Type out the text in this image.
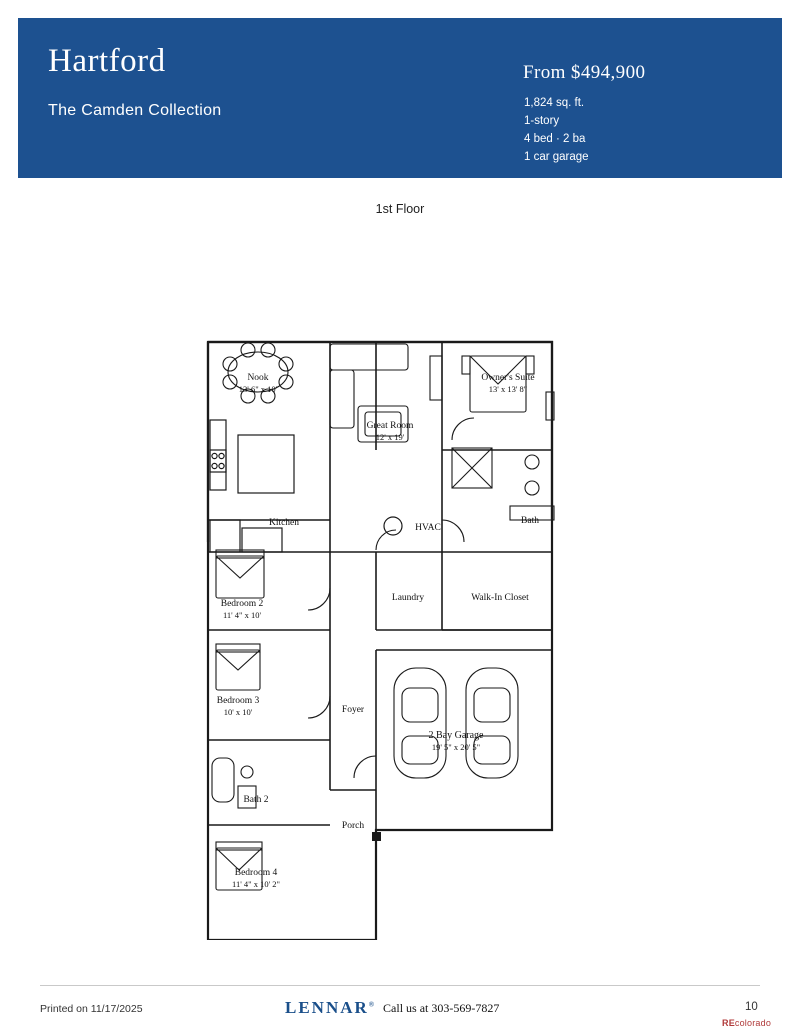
Hartford
The Camden Collection
From $494,900
1,824 sq. ft.
1-story
4 bed · 2 ba
1 car garage
1st Floor
Nook
13' 6" x 10'
Great Room
12' x 19'
Owner's Suite
13' x 13' 8"
Kitchen	HVAC
Bath
Bedroom 2
11' 4" x 10'
Laundry	Walk-In Closet
Bedroom 3
10' x 10'	Foyer
2 Bay Garage
19' 5" x 20' 5"
Bath 2
Porch
Bedroom 4
11' 4" x 10' 2"
Printed on 11/17/2025	LENNAR® Call us at 303-569-7827	10
REcolorado
